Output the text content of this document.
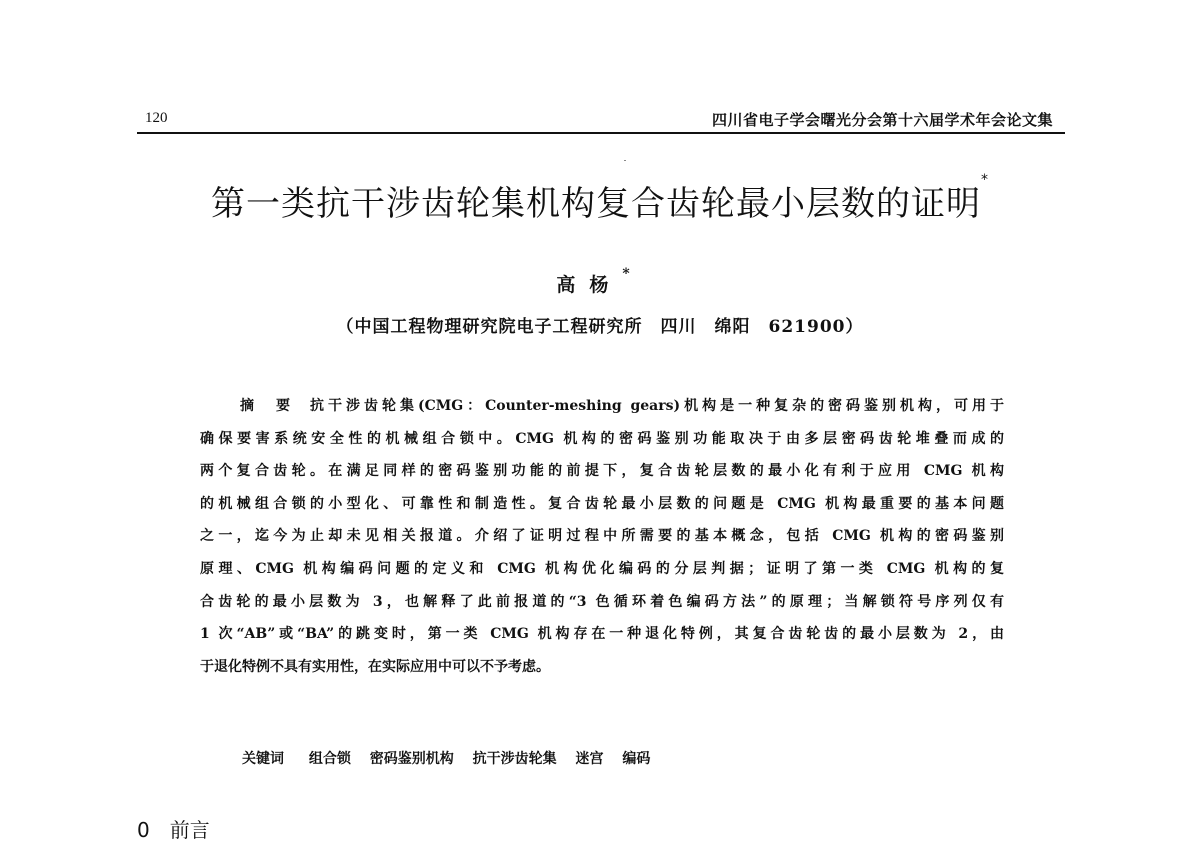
120	四川省电子学会曙光分会第十六届学术年会论文集
第一类抗干涉齿轮集机构复合齿轮最小层数的证明*
高杨*
（中国工程物理研究院电子工程研究所　四川　绵阳　621900）
摘　要 抗干涉齿轮集(CMG：Counter-meshing gears)机构是一种复杂的密码鉴别机构，可用于
确保要害系统安全性的机械组合锁中。CMG 机构的密码鉴别功能取决于由多层密码齿轮堆叠而成的
两个复合齿轮。在满足同样的密码鉴别功能的前提下，复合齿轮层数的最小化有利于应用 CMG 机构
的机械组合锁的小型化、可靠性和制造性。复合齿轮最小层数的问题是 CMG 机构最重要的基本问题
之一，迄今为止却未见相关报道。介绍了证明过程中所需要的基本概念，包括 CMG 机构的密码鉴别
原理、CMG 机构编码问题的定义和 CMG 机构优化编码的分层判据；证明了第一类 CMG 机构的复
合齿轮的最小层数为 3，也解释了此前报道的“3 色循环着色编码方法”的原理；当解锁符号序列仅有
1 次“AB”或“BA”的跳变时，第一类 CMG 机构存在一种退化特例，其复合齿轮齿的最小层数为 2，由
于退化特例不具有实用性，在实际应用中可以不予考虑。
关键词 组合锁 密码鉴别机构 抗干涉齿轮集 迷宫 编码
0 前言
